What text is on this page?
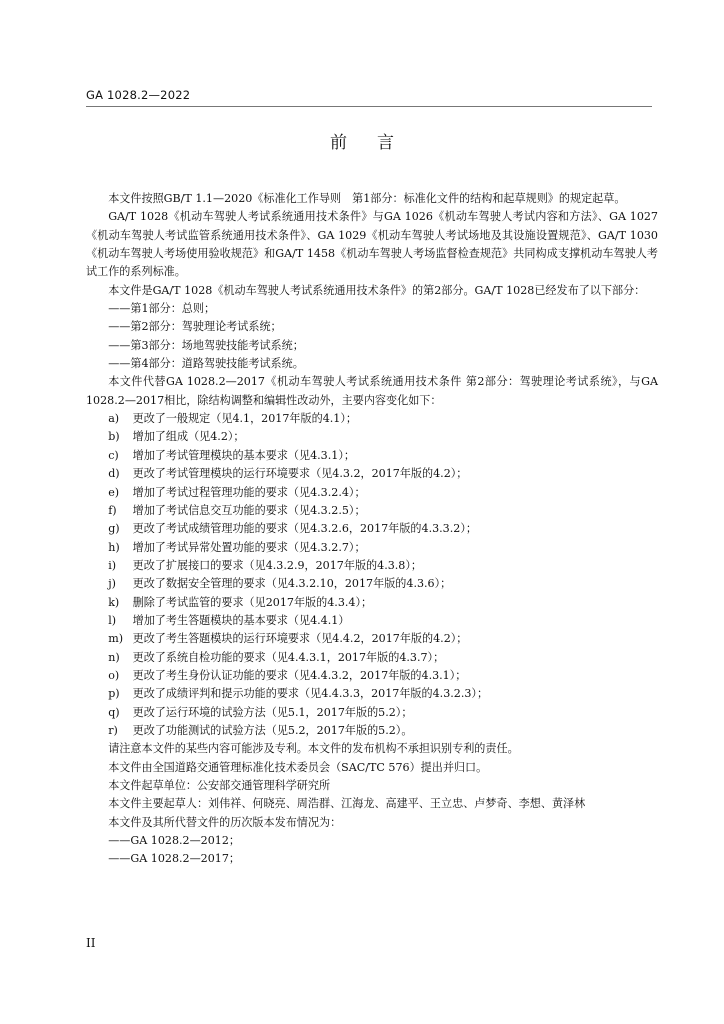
GA 1028.2—2022
前言

本文件按照GB/T 1.1—2020《标准化工作导则　第1部分：标准化文件的结构和起草规则》的规定起草。

GA/T 1028《机动车驾驶人考试系统通用技术条件》与GA 1026《机动车驾驶人考试内容和方法》、GA 1027《机动车驾驶人考试监管系统通用技术条件》、GA 1029《机动车驾驶人考试场地及其设施设置规范》、GA/T 1030《机动车驾驶人考场使用验收规范》和GA/T 1458《机动车驾驶人考场监督检查规范》共同构成支撑机动车驾驶人考试工作的系列标准。

本文件是GA/T 1028《机动车驾驶人考试系统通用技术条件》的第2部分。GA/T 1028已经发布了以下部分：

——第1部分：总则；

——第2部分：驾驶理论考试系统；

——第3部分：场地驾驶技能考试系统；

——第4部分：道路驾驶技能考试系统。

本文件代替GA 1028.2—2017《机动车驾驶人考试系统通用技术条件 第2部分：驾驶理论考试系统》，与GA 1028.2—2017相比，除结构调整和编辑性改动外，主要内容变化如下：

a)	更改了一般规定（见4.1，2017年版的4.1）；
b)	增加了组成（见4.2）；
c)	增加了考试管理模块的基本要求（见4.3.1）；
d)	更改了考试管理模块的运行环境要求（见4.3.2，2017年版的4.2）；
e)	增加了考试过程管理功能的要求（见4.3.2.4）；
f)	增加了考试信息交互功能的要求（见4.3.2.5）；
g)	更改了考试成绩管理功能的要求（见4.3.2.6，2017年版的4.3.3.2）；
h)	增加了考试异常处置功能的要求（见4.3.2.7）；
i)	更改了扩展接口的要求（见4.3.2.9，2017年版的4.3.8）；
j)	更改了数据安全管理的要求（见4.3.2.10，2017年版的4.3.6）；
k)	删除了考试监管的要求（见2017年版的4.3.4）；
l)	增加了考生答题模块的基本要求（见4.4.1）
m) 更改了考生答题模块的运行环境要求（见4.4.2，2017年版的4.2）；
n)	更改了系统自检功能的要求（见4.4.3.1，2017年版的4.3.7）；
o)	更改了考生身份认证功能的要求（见4.4.3.2，2017年版的4.3.1）；
p)	更改了成绩评判和提示功能的要求（见4.4.3.3，2017年版的4.3.2.3）；
q)	更改了运行环境的试验方法（见5.1，2017年版的5.2）；
r)	更改了功能测试的试验方法（见5.2，2017年版的5.2）。

请注意本文件的某些内容可能涉及专利。本文件的发布机构不承担识别专利的责任。

本文件由全国道路交通管理标准化技术委员会（SAC/TC 576）提出并归口。

本文件起草单位：公安部交通管理科学研究所

本文件主要起草人：刘伟祥、何晓亮、周浩群、江海龙、高建平、王立忠、卢梦奇、李想、黄泽林

本文件及其所代替文件的历次版本发布情况为：

——GA 1028.2—2012；

——GA 1028.2—2017；

II
